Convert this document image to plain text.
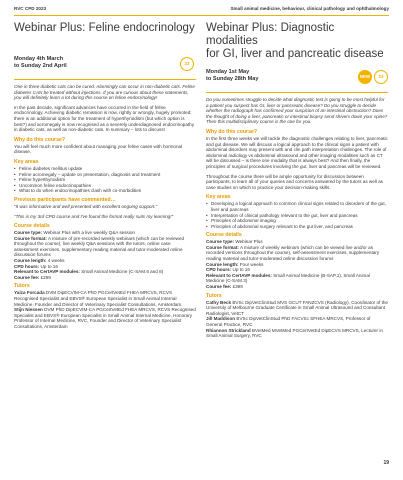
RVC CPD 2023	Small animal medicine, behaviour, clinical pathology and ophthalmology
Webinar Plus: Feline endocrinology
Monday 4th March
to Sunday 2nd April	23

One in three diabetic cats can be cured. Alarmingly can occur in non-diabetic cats. Feline diabetes CAN be treated without injections. If you are curious about these statements, you will definitely learn a lot during this course on feline endocrinology!

In the past decade, significant advances have occurred in the field of feline endocrinology. Achieving diabetic remission is now, rightly or wrongly, hugely promoted; there is an additional option for the treatment of hyperthyroidism (but which option is best?) and acromegaly is now recognised as a severely underdiagnosed endocrinopathy in diabetic cats, as well as non-diabetic cats. In summary – lots to discuss!

Why do this course?

You will feel much more confident about managing your feline cases with hormonal disease.

Key areas
• Feline diabetes mellitus update
• Feline acromegaly – update on presentation, diagnosis and treatment
• Feline hyperthyroidism
• Uncommon feline endocrinopathies
• What to do when endocrinopathies clash with co-morbidities
Previous participants have commented…

"It was informative and well presented with excellent ongoing support."

"This is my 3rd CPD course and I've found the format really suits my learning!"

Course details

Course type: Webinar Plus with a live weekly Q&A session

Course format: A mixture of pre-recorded weekly webinars (which can be reviewed throughout the course), live weekly Q&A sessions with the tutors, online case assessment exercises, supplementary reading material and tutor-moderated online discussion forums

Course length: 4 weeks

CPD hours: Up to 16

Relevant to CertAVP modules: Small Animal Medicine (C-SAM.6 and 8)

Course fee: £299

Tutors

Yaiza Forcada DVM DipECVIM-CA PhD PGCertVetEd FHEA MRCVS, RCVS Recognised Specialist and EBVS® European Specialist in Small Animal Internal Medicine, Founder and Director of Veterinary Specialist Consultations, Amsterdam

Stijn Niessen DVM PhD DipECVIM-CA PGCertVetEd FHEA MRCVS, RCVS Recognised Specialist and EBVS® European Specialist in Small Animal Internal Medicine, Honorary Professor of Internal Medicine, RVC, Founder and Director of Veterinary Specialist Consultations, Amsterdam

Webinar Plus: Diagnostic modalities
for GI, liver and pancreatic disease
Monday 1st May
to Sunday 28th May	NEW	23

Do you sometimes struggle to decide what diagnostic test is going to be most helpful for a patient you suspect has GI, liver or pancreatic disease? Do you struggle to decide whether the radiograph has confirmed your suspicion of an intestinal obstruction? Does the thought of doing a liver, pancreatic or intestinal biopsy send shivers down your spine? Then this multidisciplinary course is the one for you.

Why do this course?

In the first three weeks we will tackle the diagnostic challenges relating to liver, pancreatic and gut disease. We will discuss a logical approach to the clinical signs a patient with abdominal disorders may present with and clin path interpretation challenges. The role of abdominal radiology vs abdominal ultrasound and other imaging modalities such as CT will be discussed – is there one modality that is always best? And then finally, the principles of surgical procedures involving the gut, liver and pancreas will be reviewed.

Throughout the course there will be ample opportunity for discussion between participants, to learn all of your queries and concerns answered by the tutors as well as case studies on which to practice your decision-making skills.

Key areas
• Developing a logical approach to common clinical signs related to disorders of the gut, liver and pancreas
• Interpretation of clinical pathology relevant to the gut, liver and pancreas
• Principles of abdominal imaging
• Principles of abdominal surgery relevant to the gut liver, and pancreas
Course details

Course type: Webinar Plus

Course format: A mixture of weekly webinars (which can be viewed live and/or as recorded versions throughout the course), self-assessment exercises, supplementary reading material and tutor-moderated online discussion forums

Course length: Four weeks

CPD hours: Up to 16

Relevant to CertAVP modules: Small Animal Medicine (B-SAP.1), Small Animal Medicine (C-SAM.3)

Course fee: £399

Tutors

Cathy Beck BVSc DipVetClinStud MVS GCUT FANZCVS (Radiology), Coordinator of the University of Melbourne Graduate Certificate in Small Animal Ultrasound and Consultant Radiologist, VetCT

Jill Maddison BVSc DipVetClinStud PhD FACVSc SFHEA MRCVS, Professor of General Practice, RVC

Rhiannon Strickland BVetMed MVetMed PGCertVetEd DipECVS MRCVS, Lecturer in Small Animal Surgery, RVC

19
